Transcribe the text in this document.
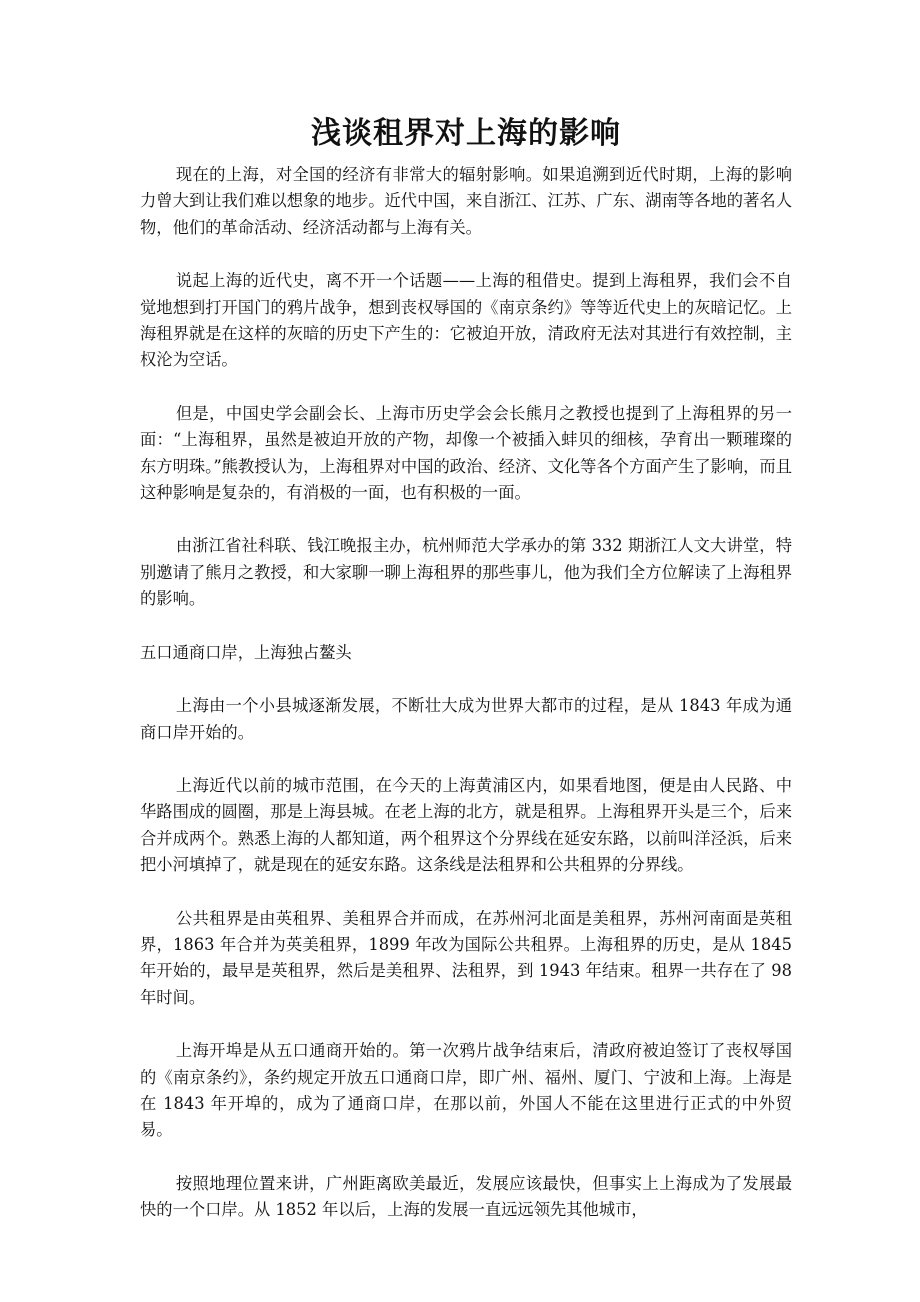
浅谈租界对上海的影响

现在的上海，对全国的经济有非常大的辐射影响。如果追溯到近代时期，上海的影响力曾大到让我们难以想象的地步。近代中国，来自浙江、江苏、广东、湖南等各地的著名人物，他们的革命活动、经济活动都与上海有关。

说起上海的近代史，离不开一个话题——上海的租借史。提到上海租界，我们会不自觉地想到打开国门的鸦片战争，想到丧权辱国的《南京条约》等等近代史上的灰暗记忆。上海租界就是在这样的灰暗的历史下产生的：它被迫开放，清政府无法对其进行有效控制，主权沦为空话。

但是，中国史学会副会长、上海市历史学会会长熊月之教授也提到了上海租界的另一面：“上海租界，虽然是被迫开放的产物，却像一个被插入蚌贝的细核，孕育出一颗璀璨的东方明珠。”熊教授认为，上海租界对中国的政治、经济、文化等各个方面产生了影响，而且这种影响是复杂的，有消极的一面，也有积极的一面。

由浙江省社科联、钱江晚报主办，杭州师范大学承办的第 332 期浙江人文大讲堂，特别邀请了熊月之教授，和大家聊一聊上海租界的那些事儿，他为我们全方位解读了上海租界的影响。

五口通商口岸，上海独占鳌头

上海由一个小县城逐渐发展，不断壮大成为世界大都市的过程，是从 1843 年成为通商口岸开始的。

上海近代以前的城市范围，在今天的上海黄浦区内，如果看地图，便是由人民路、中华路围成的圆圈，那是上海县城。在老上海的北方，就是租界。上海租界开头是三个，后来合并成两个。熟悉上海的人都知道，两个租界这个分界线在延安东路，以前叫洋泾浜，后来把小河填掉了，就是现在的延安东路。这条线是法租界和公共租界的分界线。

公共租界是由英租界、美租界合并而成，在苏州河北面是美租界，苏州河南面是英租界，1863 年合并为英美租界，1899 年改为国际公共租界。上海租界的历史，是从 1845 年开始的，最早是英租界，然后是美租界、法租界，到 1943 年结束。租界一共存在了 98 年时间。

上海开埠是从五口通商开始的。第一次鸦片战争结束后，清政府被迫签订了丧权辱国的《南京条约》，条约规定开放五口通商口岸，即广州、福州、厦门、宁波和上海。上海是在 1843 年开埠的，成为了通商口岸，在那以前，外国人不能在这里进行正式的中外贸易。

按照地理位置来讲，广州距离欧美最近，发展应该最快，但事实上上海成为了发展最快的一个口岸。从 1852 年以后，上海的发展一直远远领先其他城市，
